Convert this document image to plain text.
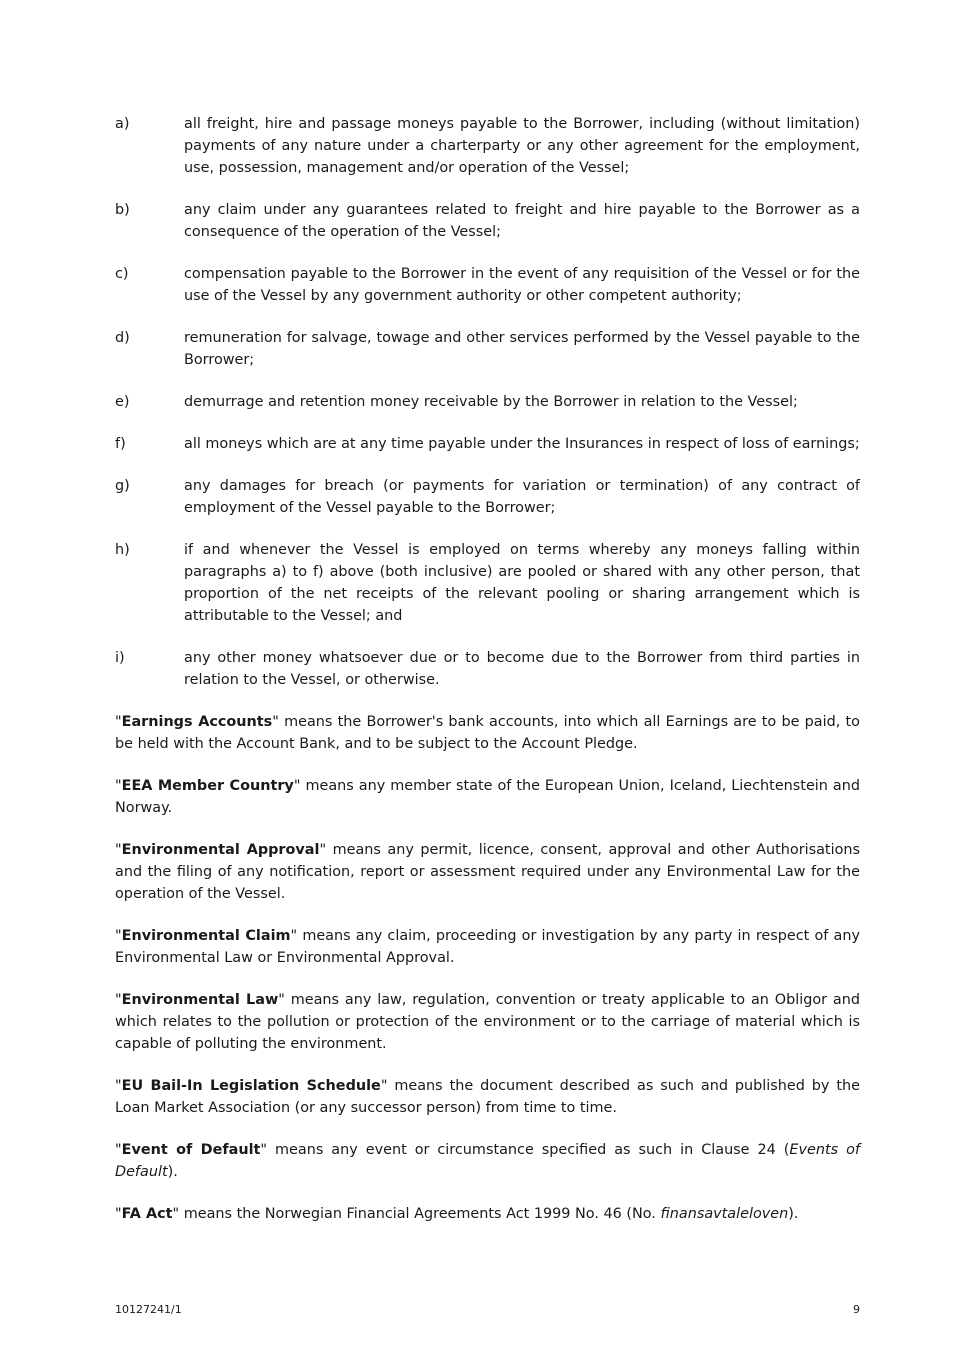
a)	all freight, hire and passage moneys payable to the Borrower, including (without limitation) payments of any nature under a charterparty or any other agreement for the employment, use, possession, management and/or operation of the Vessel;
b)	any claim under any guarantees related to freight and hire payable to the Borrower as a consequence of the operation of the Vessel;
c)	compensation payable to the Borrower in the event of any requisition of the Vessel or for the use of the Vessel by any government authority or other competent authority;
d)	remuneration for salvage, towage and other services performed by the Vessel payable to the Borrower;
e)	demurrage and retention money receivable by the Borrower in relation to the Vessel;
f)	all moneys which are at any time payable under the Insurances in respect of loss of earnings;
g)	any damages for breach (or payments for variation or termination) of any contract of employment of the Vessel payable to the Borrower;
h)	if and whenever the Vessel is employed on terms whereby any moneys falling within paragraphs a) to f) above (both inclusive) are pooled or shared with any other person, that proportion of the net receipts of the relevant pooling or sharing arrangement which is attributable to the Vessel; and
i)	any other money whatsoever due or to become due to the Borrower from third parties in relation to the Vessel, or otherwise.

"Earnings Accounts" means the Borrower's bank accounts, into which all Earnings are to be paid, to be held with the Account Bank, and to be subject to the Account Pledge.

"EEA Member Country" means any member state of the European Union, Iceland, Liechtenstein and Norway.

"Environmental Approval" means any permit, licence, consent, approval and other Authorisations and the filing of any notification, report or assessment required under any Environmental Law for the operation of the Vessel.

"Environmental Claim" means any claim, proceeding or investigation by any party in respect of any Environmental Law or Environmental Approval.

"Environmental Law" means any law, regulation, convention or treaty applicable to an Obligor and which relates to the pollution or protection of the environment or to the carriage of material which is capable of polluting the environment.

"EU Bail-In Legislation Schedule" means the document described as such and published by the Loan Market Association (or any successor person) from time to time.

"Event of Default" means any event or circumstance specified as such in Clause 24 (Events of Default).

"FA Act" means the Norwegian Financial Agreements Act 1999 No. 46 (No. finansavtaleloven).

10127241/1	9
